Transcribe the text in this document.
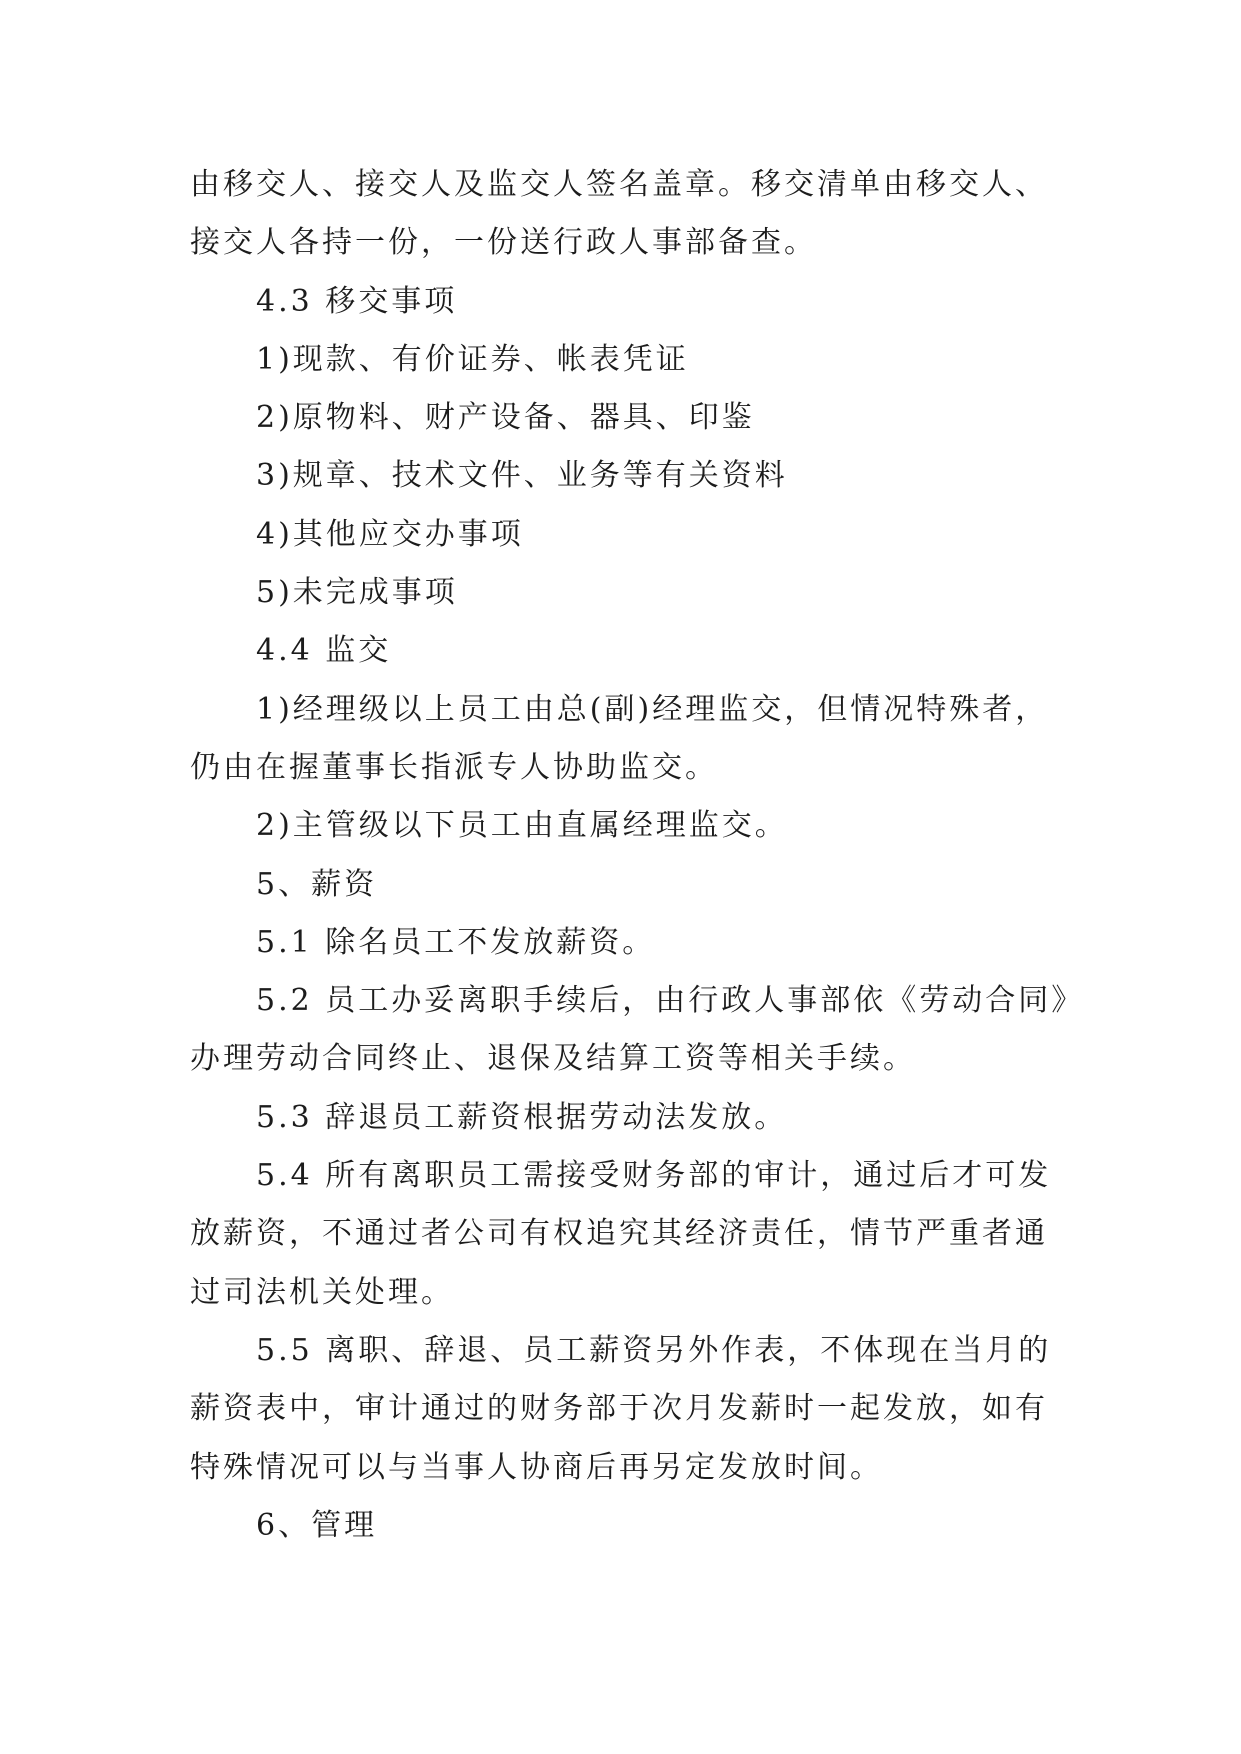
由移交人、接交人及监交人签名盖章。移交清单由移交人、
接交人各持一份，一份送行政人事部备查。
4.3 移交事项
1)现款、有价证券、帐表凭证
2)原物料、财产设备、器具、印鉴
3)规章、技术文件、业务等有关资料
4)其他应交办事项
5)未完成事项
4.4 监交
1)经理级以上员工由总(副)经理监交，但情况特殊者，
仍由在握董事长指派专人协助监交。
2)主管级以下员工由直属经理监交。
5、薪资
5.1 除名员工不发放薪资。
5.2 员工办妥离职手续后，由行政人事部依《劳动合同》
办理劳动合同终止、退保及结算工资等相关手续。
5.3 辞退员工薪资根据劳动法发放。
5.4 所有离职员工需接受财务部的审计，通过后才可发
放薪资，不通过者公司有权追究其经济责任，情节严重者通
过司法机关处理。
5.5 离职、辞退、员工薪资另外作表，不体现在当月的
薪资表中，审计通过的财务部于次月发薪时一起发放，如有
特殊情况可以与当事人协商后再另定发放时间。
6、管理
